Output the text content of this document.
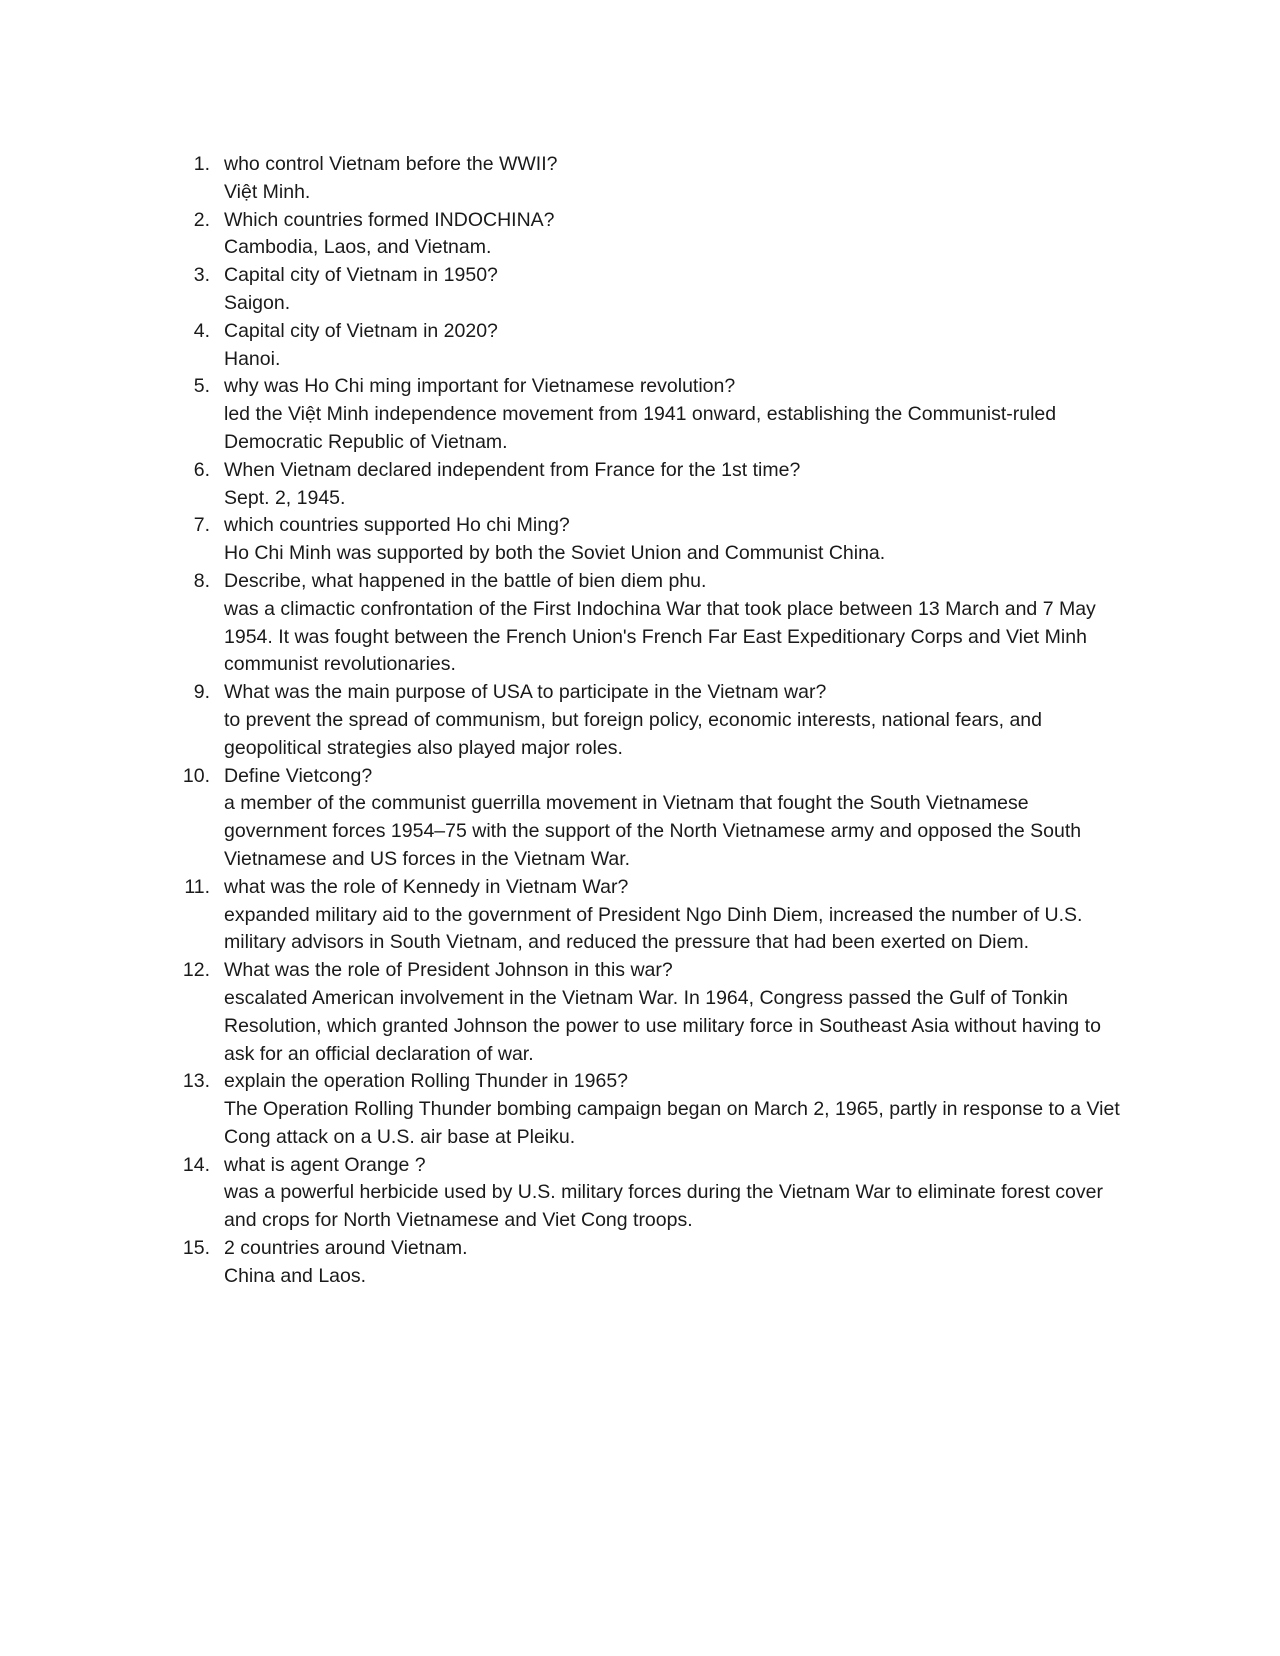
1. who control Vietnam before the WWII?
Việt Minh.
2. Which countries formed INDOCHINA?
Cambodia, Laos, and Vietnam.
3. Capital city of Vietnam in 1950?
Saigon.
4. Capital city of Vietnam in 2020?
Hanoi.
5. why was Ho Chi ming important for Vietnamese revolution?
led the Việt Minh independence movement from 1941 onward, establishing the Communist-ruled Democratic Republic of Vietnam.
6. When Vietnam declared independent from France for the 1st time?
Sept. 2, 1945.
7. which countries supported Ho chi Ming?
Ho Chi Minh was supported by both the Soviet Union and Communist China.
8. Describe, what happened in the battle of bien diem phu.
was a climactic confrontation of the First Indochina War that took place between 13 March and 7 May 1954. It was fought between the French Union's French Far East Expeditionary Corps and Viet Minh communist revolutionaries.
9. What was the main purpose of USA to participate in the Vietnam war?
to prevent the spread of communism, but foreign policy, economic interests, national fears, and geopolitical strategies also played major roles.
10. Define Vietcong?
a member of the communist guerrilla movement in Vietnam that fought the South Vietnamese government forces 1954–75 with the support of the North Vietnamese army and opposed the South Vietnamese and US forces in the Vietnam War.
11. what was the role of Kennedy in Vietnam War?
expanded military aid to the government of President Ngo Dinh Diem, increased the number of U.S. military advisors in South Vietnam, and reduced the pressure that had been exerted on Diem.
12. What was the role of President Johnson in this war?
escalated American involvement in the Vietnam War. In 1964, Congress passed the Gulf of Tonkin Resolution, which granted Johnson the power to use military force in Southeast Asia without having to ask for an official declaration of war.
13. explain the operation Rolling Thunder in 1965?
The Operation Rolling Thunder bombing campaign began on March 2, 1965, partly in response to a Viet Cong attack on a U.S. air base at Pleiku.
14. what is agent Orange ?
was a powerful herbicide used by U.S. military forces during the Vietnam War to eliminate forest cover and crops for North Vietnamese and Viet Cong troops.
15. 2 countries around Vietnam.
China and Laos.
